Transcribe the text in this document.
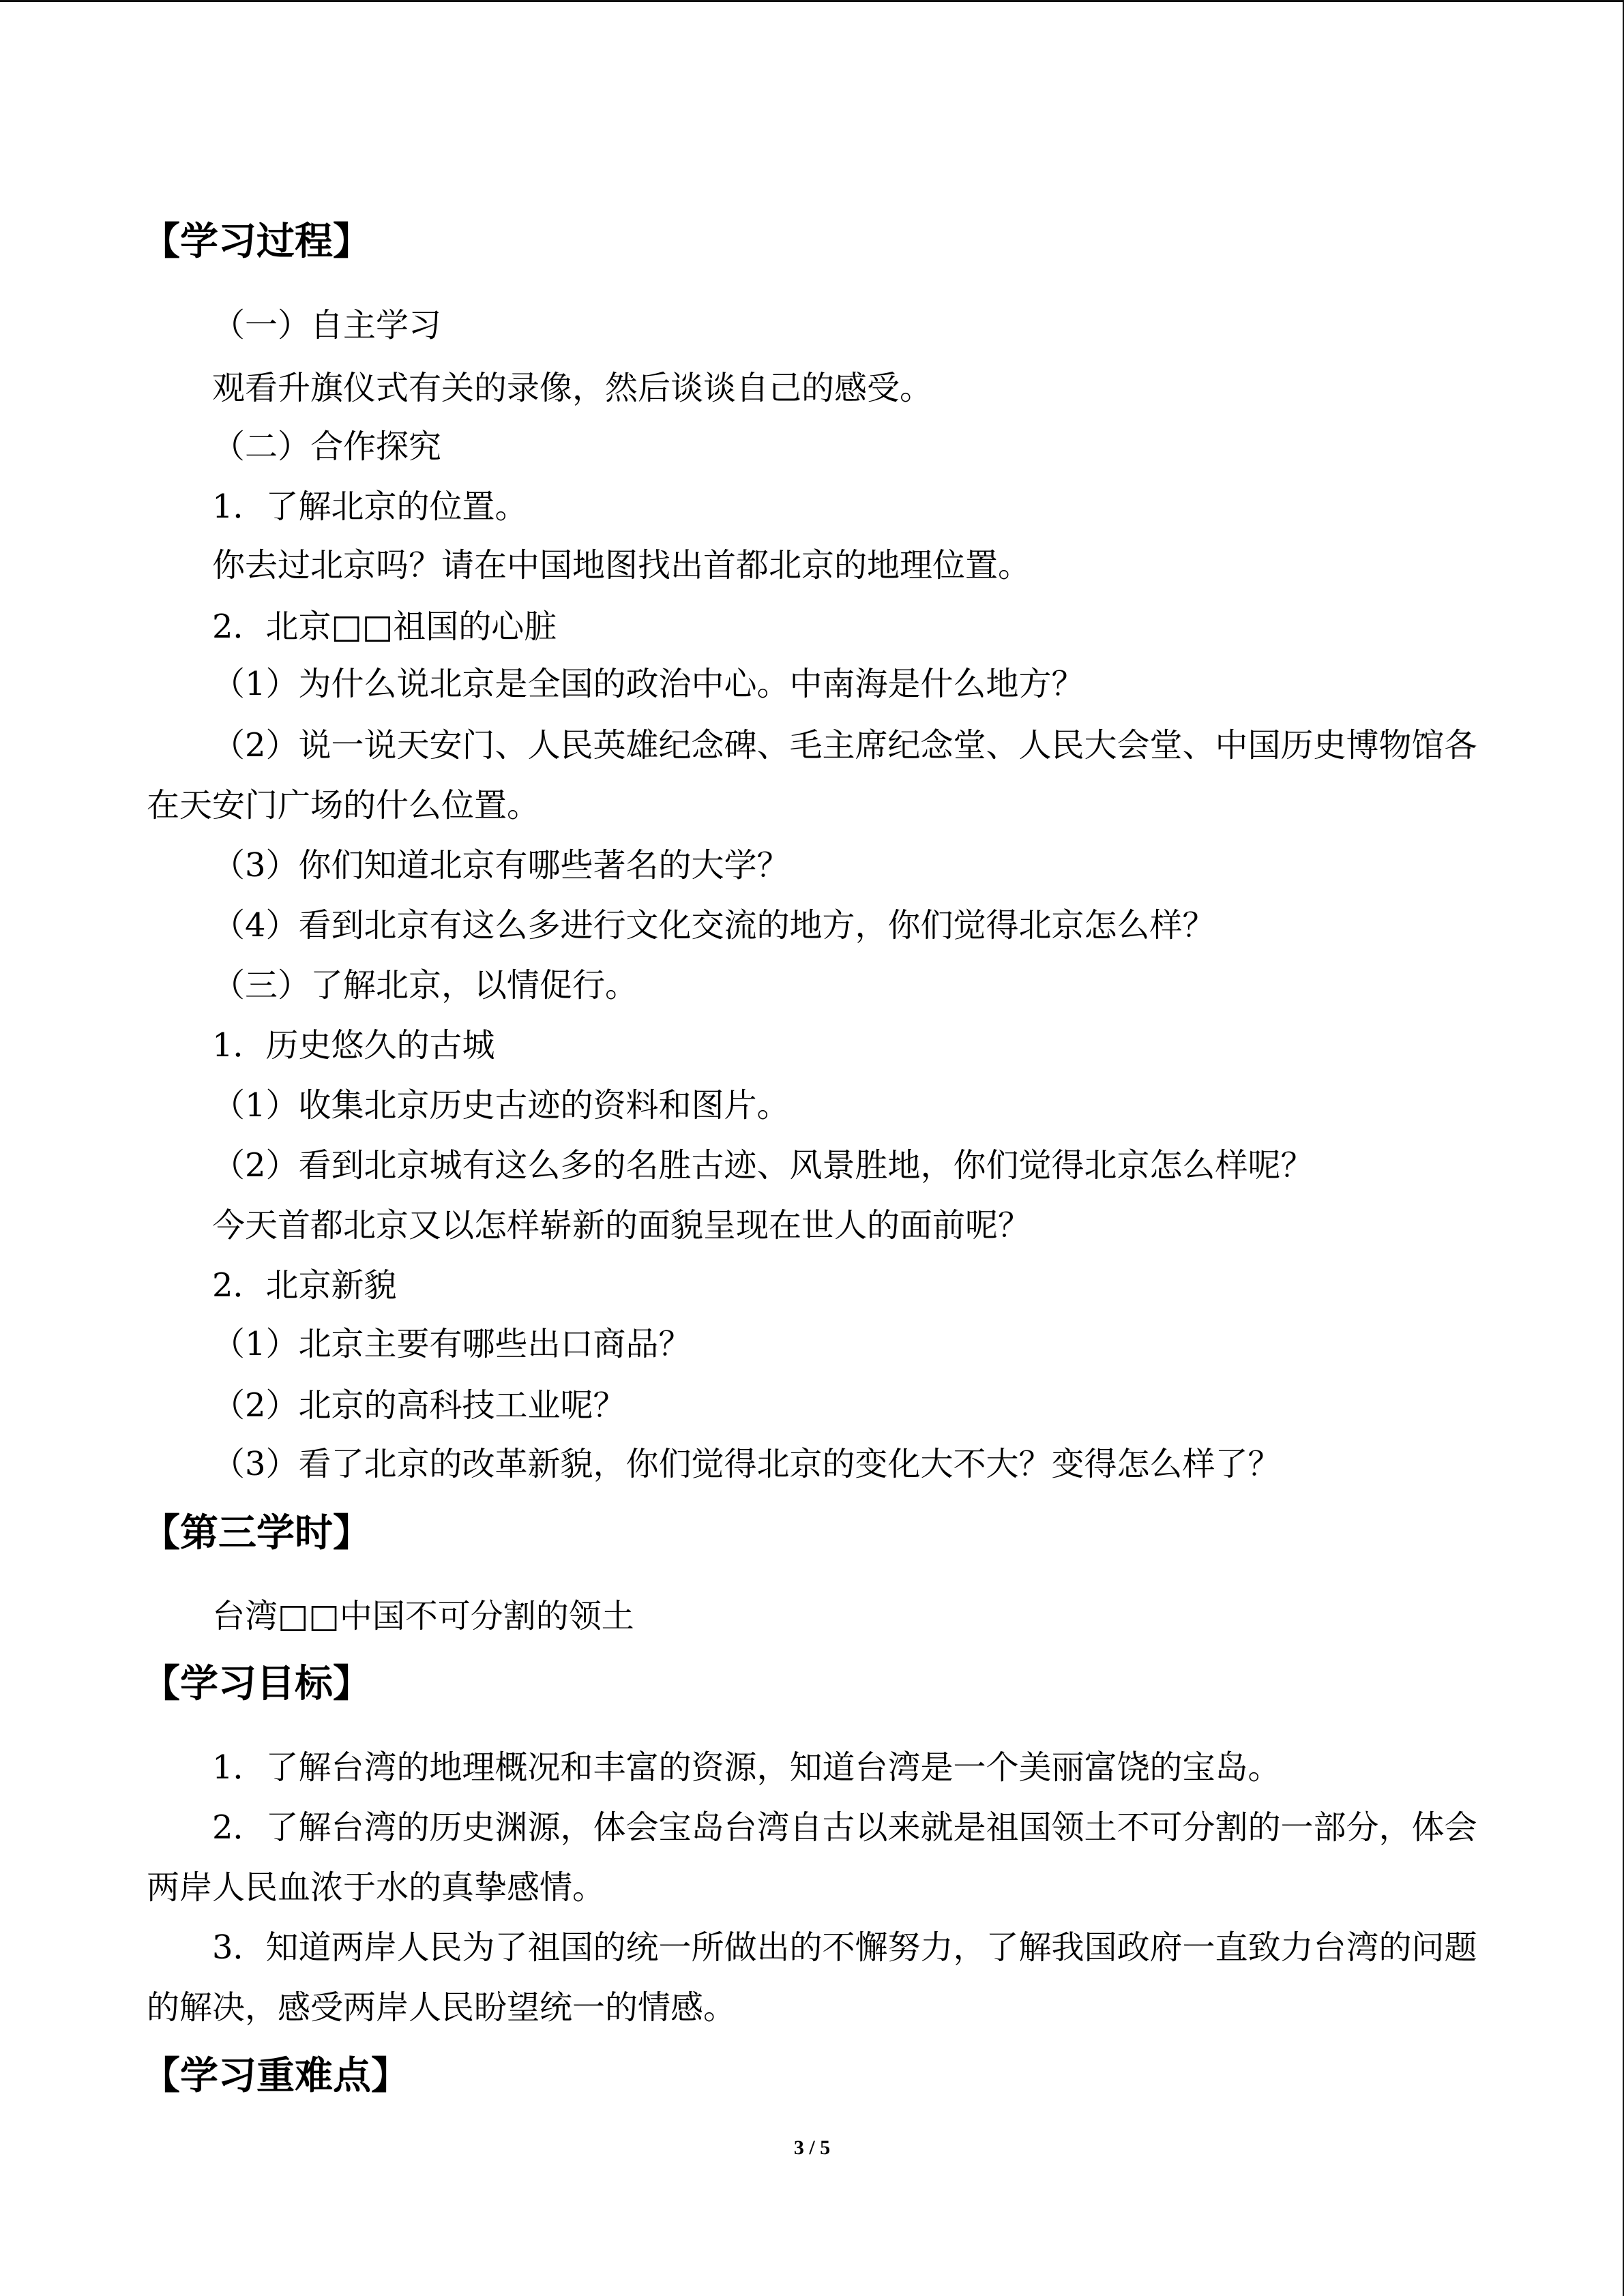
【学习过程】
（一）自主学习
观看升旗仪式有关的录像，然后谈谈自己的感受。
（二）合作探究
1．了解北京的位置。
你去过北京吗？请在中国地图找出首都北京的地理位置。
2．北京□□祖国的心脏
（1）为什么说北京是全国的政治中心。中南海是什么地方？
（2）说一说天安门、人民英雄纪念碑、毛主席纪念堂、人民大会堂、中国历史博物馆各
在天安门广场的什么位置。
（3）你们知道北京有哪些著名的大学？
（4）看到北京有这么多进行文化交流的地方，你们觉得北京怎么样？
（三）了解北京，以情促行。
1．历史悠久的古城
（1）收集北京历史古迹的资料和图片。
（2）看到北京城有这么多的名胜古迹、风景胜地，你们觉得北京怎么样呢？
今天首都北京又以怎样崭新的面貌呈现在世人的面前呢？
2．北京新貌
（1）北京主要有哪些出口商品？
（2）北京的高科技工业呢？
（3）看了北京的改革新貌，你们觉得北京的变化大不大？变得怎么样了？
【第三学时】
台湾□□中国不可分割的领土
【学习目标】
1．了解台湾的地理概况和丰富的资源，知道台湾是一个美丽富饶的宝岛。
2．了解台湾的历史渊源，体会宝岛台湾自古以来就是祖国领土不可分割的一部分，体会
两岸人民血浓于水的真挚感情。
3．知道两岸人民为了祖国的统一所做出的不懈努力，了解我国政府一直致力台湾的问题
的解决，感受两岸人民盼望统一的情感。
【学习重难点】
3 / 5
